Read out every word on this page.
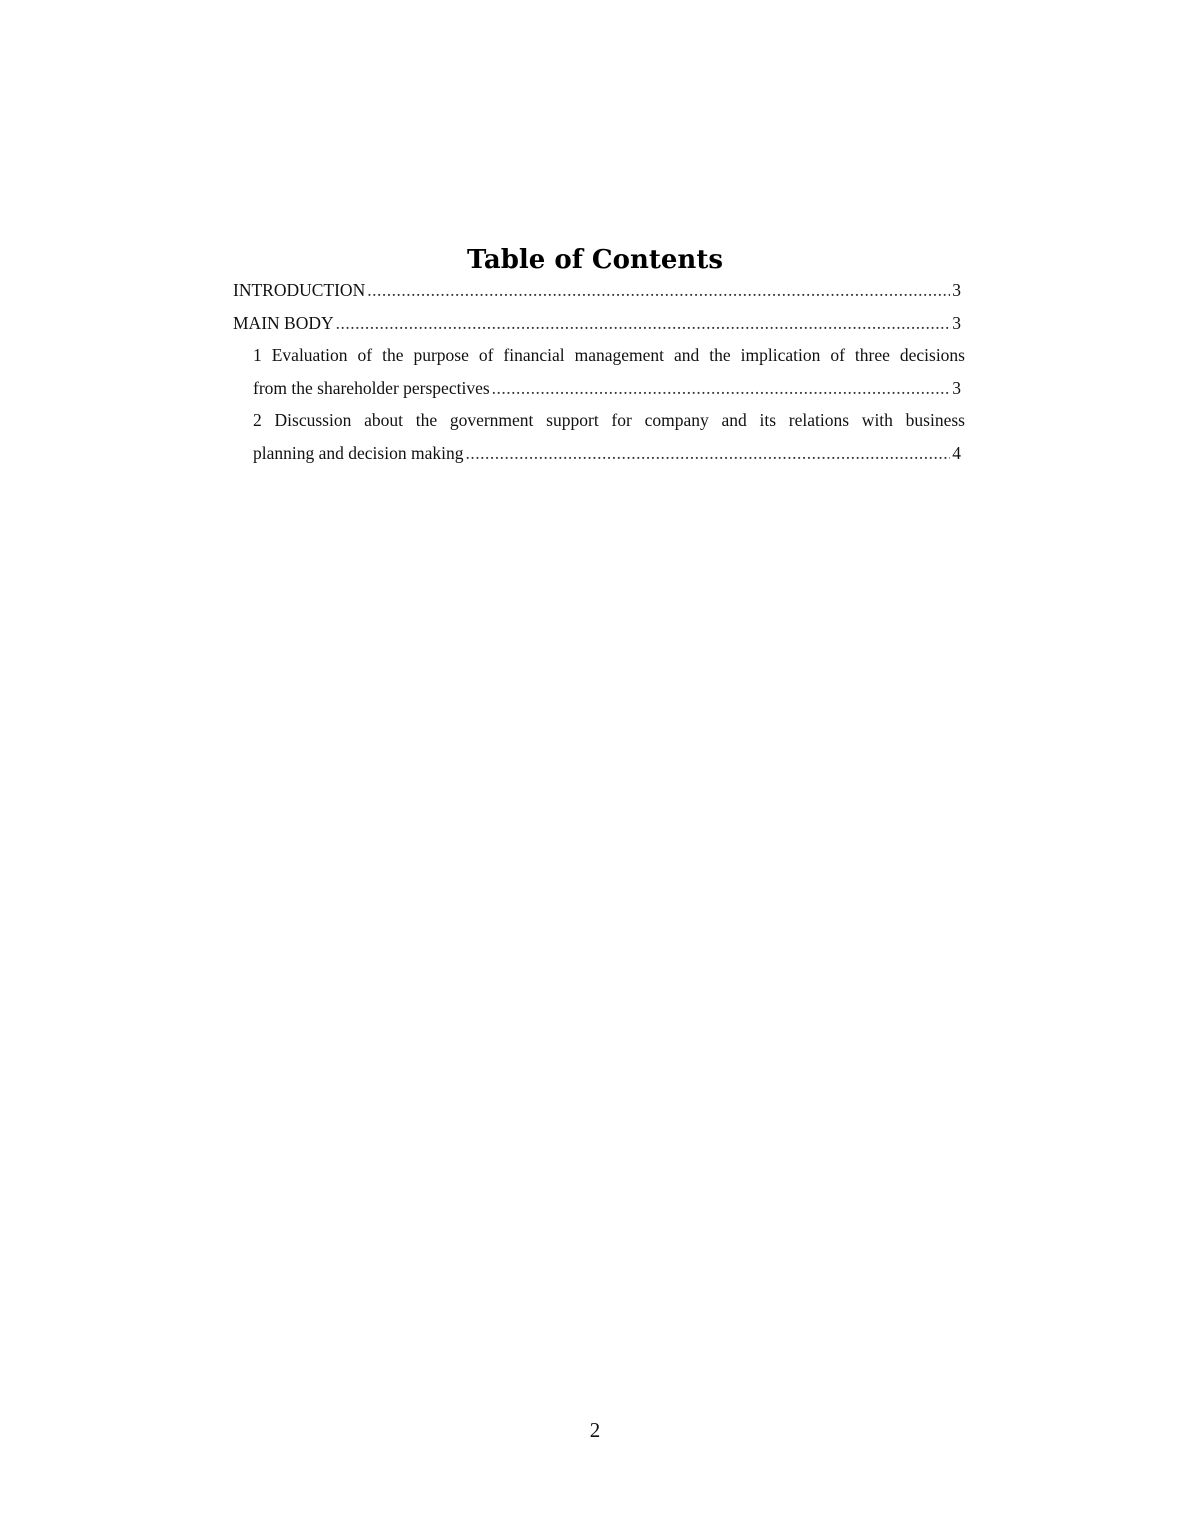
Table of Contents
INTRODUCTION .....	3
MAIN BODY .....	3
1 Evaluation of the purpose of financial management and the implication of three decisions
from the shareholder perspectives .....	3
2 Discussion about the government support for company and its relations with business
planning and decision making .....	4
2
